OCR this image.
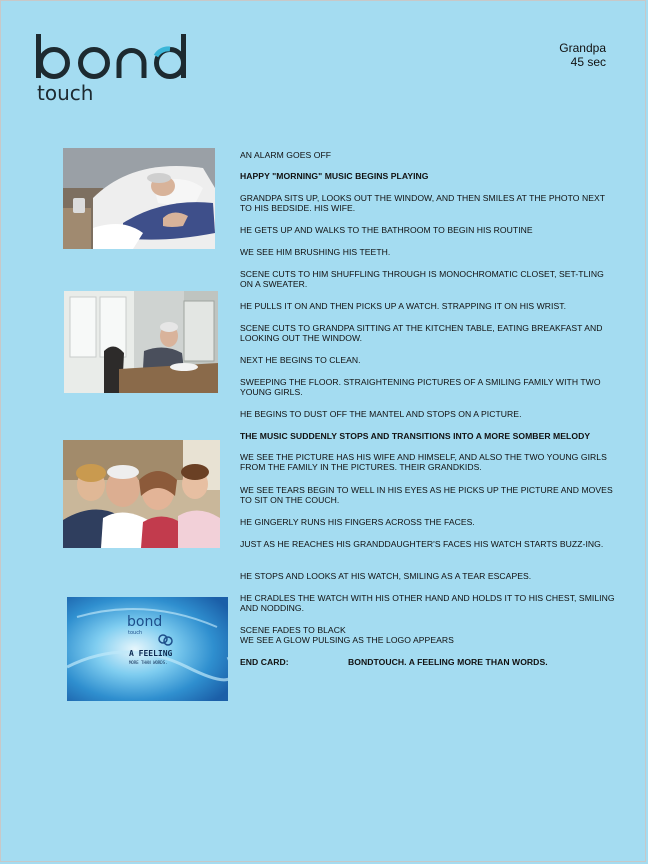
touch
Grandpa
45 sec
bond
touch
A FEELING
MORE THAN WORDS.
AN ALARM GOES OFF
HAPPY "MORNING" MUSIC BEGINS PLAYING
GRANDPA SITS UP, LOOKS OUT THE WINDOW, AND THEN SMILES AT THE PHOTO NEXT TO HIS BEDSIDE. HIS WIFE.
HE GETS UP AND WALKS TO THE BATHROOM TO BEGIN HIS ROUTINE
WE SEE HIM BRUSHING HIS TEETH.
SCENE CUTS TO HIM SHUFFLING THROUGH IS MONOCHROMATIC CLOSET, SET-TLING ON A SWEATER.
HE PULLS IT ON AND THEN PICKS UP A WATCH. STRAPPING IT ON HIS WRIST.
SCENE CUTS TO GRANDPA SITTING AT THE KITCHEN TABLE, EATING BREAKFAST AND LOOKING OUT THE WINDOW.
NEXT HE BEGINS TO CLEAN.
SWEEPING THE FLOOR. STRAIGHTENING PICTURES OF A SMILING FAMILY WITH TWO YOUNG GIRLS.
HE BEGINS TO DUST OFF THE MANTEL AND STOPS ON A PICTURE.
THE MUSIC SUDDENLY STOPS AND TRANSITIONS INTO A MORE SOMBER MELODY
WE SEE THE PICTURE HAS HIS WIFE AND HIMSELF, AND ALSO THE TWO YOUNG GIRLS FROM THE FAMILY IN THE PICTURES. THEIR GRANDKIDS.
WE SEE TEARS BEGIN TO WELL IN HIS EYES AS HE PICKS UP THE PICTURE AND MOVES TO SIT ON THE COUCH.
HE GINGERLY RUNS HIS FINGERS ACROSS THE FACES.
JUST AS HE REACHES HIS GRANDDAUGHTER'S FACES HIS WATCH STARTS BUZZ-ING.
HE STOPS AND LOOKS AT HIS WATCH, SMILING AS A TEAR ESCAPES.
HE CRADLES THE WATCH WITH HIS OTHER HAND AND HOLDS IT TO HIS CHEST, SMILING AND NODDING.
SCENE FADES TO BLACK
WE SEE A GLOW PULSING AS THE LOGO APPEARS
END CARD:	BONDTOUCH. A FEELING MORE THAN WORDS.
